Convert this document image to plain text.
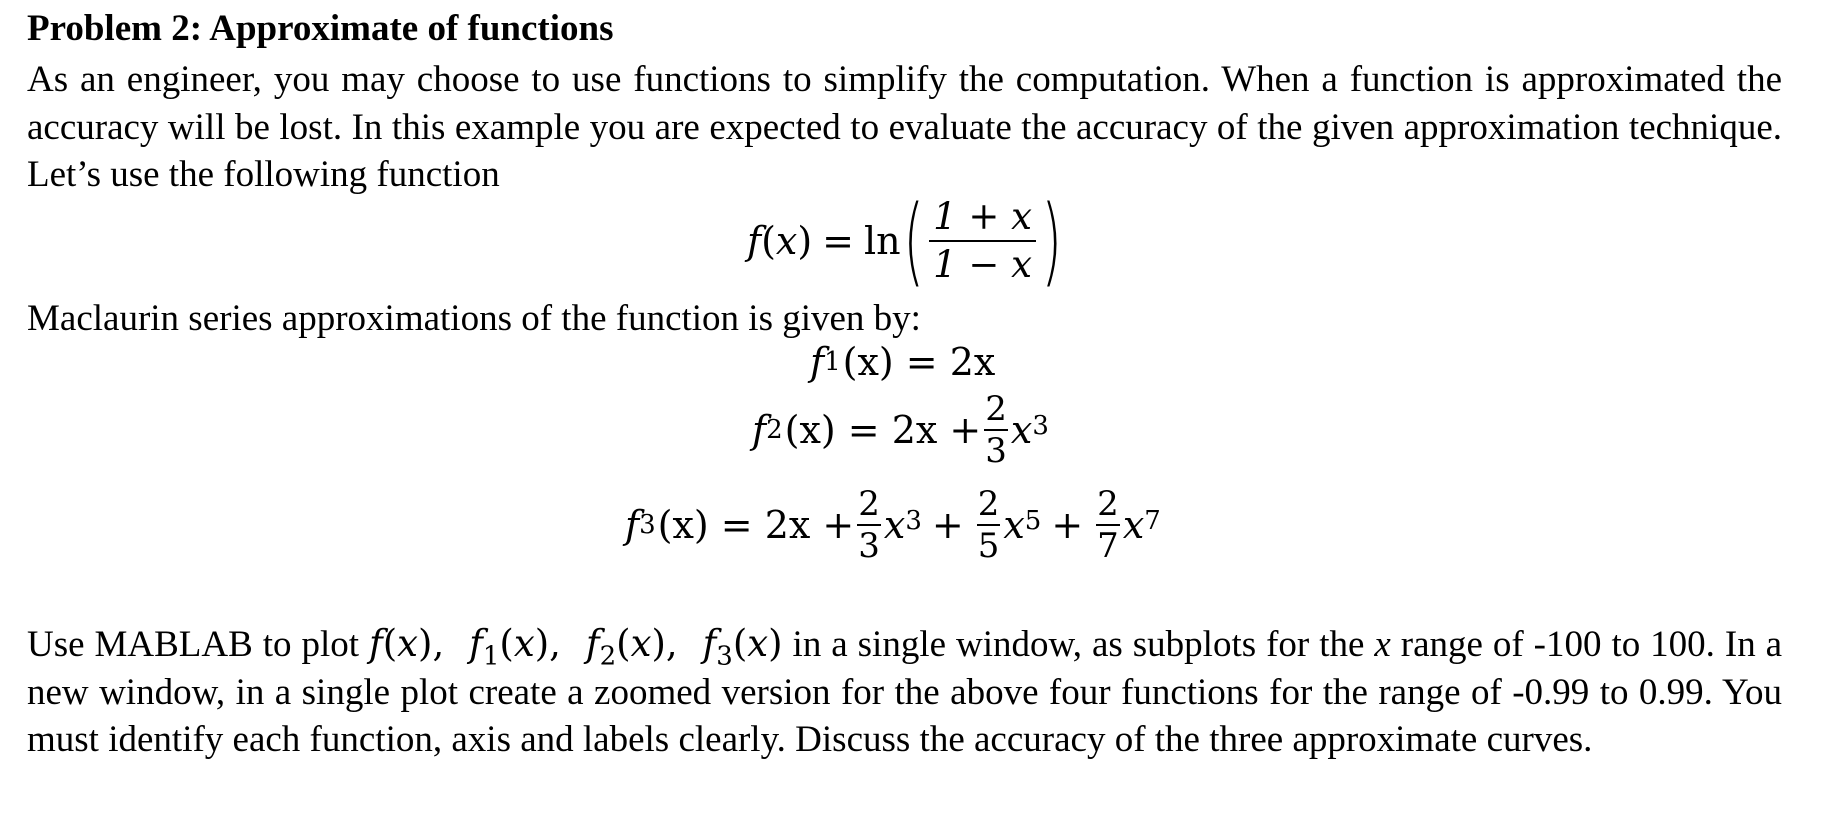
Problem 2: Approximate of functions
As an engineer, you may choose to use functions to simplify the computation. When a function is approximated the accuracy will be lost. In this example you are expected to evaluate the accuracy of the given approximation technique. Let’s use the following function
f ( x ) = ln ( $\frac{1 + x}{1 - x}$ )
Maclaurin series approximations of the function is given by:
f 1 (x) = 2x
f 2 $(x) = 2x + \frac{2}{3} x^3$
f 3 $(x) = 2x + \frac{2}{3} x^3 + \frac{2}{5} x^5 + \frac{2}{7} x^7$
Use MABLAB to plot f(x),  $f_1(x)$,  $f_2(x)$,  $f_3(x)$ in a single window, as subplots for the x range of -100 to 100. In a new window, in a single plot create a zoomed version for the above four functions for the range of -0.99 to 0.99. You must identify each function, axis and labels clearly. Discuss the accuracy of the three approximate curves.
